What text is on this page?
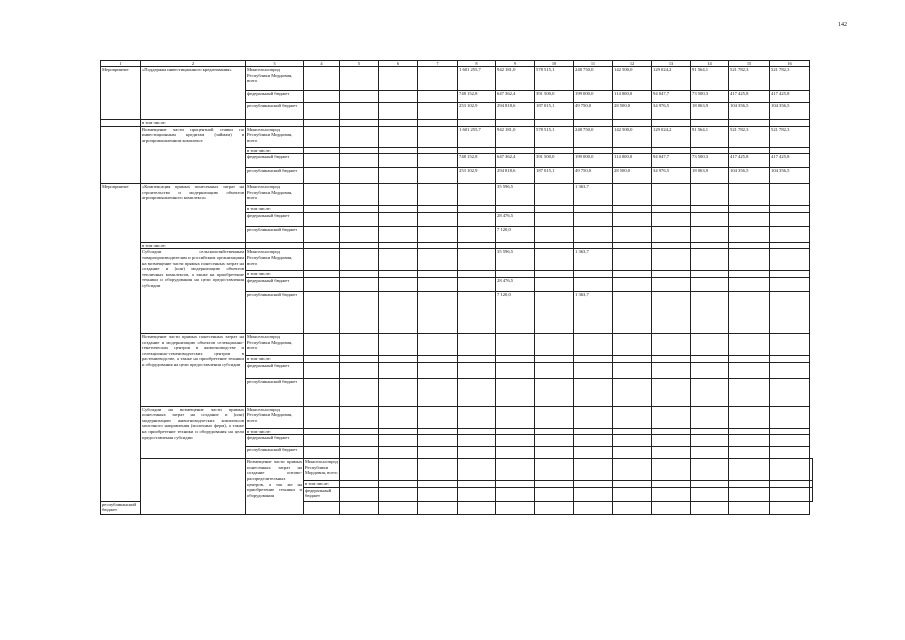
142
1	2	3	4	5	6	7	8	9	10	11	12	13	14	15	16	
Мероприятие	«Поддержка инвестиционного кредитования»	Минсельхозпрод Республики Мордовия, всего					1 601 255,7	942 181,0	578 515,1	248 750,0	142 500,0	129 024,2	91 564,1	521 782,3	521 782,3	
		федеральный бюджет					748 152,8	647 362,4	391 500,0	199 000,0	114 000,0	94 047,7	73 500,3	417 425,8	417 425,8	
		республиканский бюджет					253 102,9	294 818,6	187 015,1	49 750,0	28 500,0	34 976,5	18 063,9	104 356,5	104 356,5	
	в том числе:															
	Возмещение части процентной ставки по инвестиционным кредитам (займам) в агропромышленном комплексе	Минсельхозпрод Республики Мордовия, всего					1 601 255,7	942 181,0	578 515,1	248 750,0	142 500,0	129 024,2	91 564,1	521 782,3	521 782,3	
		в том числе:														
		федеральный бюджет					748 152,8	647 362,4	391 500,0	199 000,0	114 000,0	94 047,7	73 500,3	417 425,8	417 425,8	
		республиканский бюджет					253 102,9	294 818,6	187 015,1	49 750,0	28 500,0	34 976,5	18 063,9	104 356,5	104 356,5	
Мероприятие	«Компенсация прямых понесенных затрат на строительство и модернизацию объектов агропромышленного комплекса»	Минсельхозпрод Республики Мордовия, всего						35 596,5		1 363,7						
		в том числе:														
		федеральный бюджет						28 476,5								
		республиканский бюджет						7 120,0								
	в том числе:															
	Субсидии сельскохозяйственным товаропроизводителям и российским организациям на возмещение части прямых понесенных затрат на создание и (или) модернизацию объектов тепличных комплексов, а также на приобретение техники и оборудования на цели предоставления субсидии	Минсельхозпрод Республики Мордовия, всего						35 596,5		1 363,7						
		в том числе:														
		федеральный бюджет						28 476,5								
		республиканский бюджет						7 120,0		1 363,7						
	Возмещение части прямых понесенных затрат на создание и модернизацию объектов селекционно-генетических центров в животноводстве и селекционно-семеноводческих центров в растениеводстве, а также на приобретение техники и оборудования на цели предоставления субсидии	Минсельхозпрод Республики Мордовия, всего														
		в том числе:														
		федеральный бюджет														
		республиканский бюджет														
	Субсидии на возмещение части прямых понесенных затрат на создание и (или) модернизацию животноводческих комплексов молочного направления (молочных ферм), а также на приобретение техники и оборудования на цели предоставления субсидии	Минсельхозпрод Республики Мордовия, всего														
		в том числе:														
		федеральный бюджет														
		республиканский бюджет														
		Возмещение части прямых понесенных затрат на создание оптово-распределительных центров, а так же на приобретение техники и оборудования	Минсельхозпрод Республики Мордовия, всего													
			в том числе:													
			федеральный бюджет													
республиканский бюджет																
